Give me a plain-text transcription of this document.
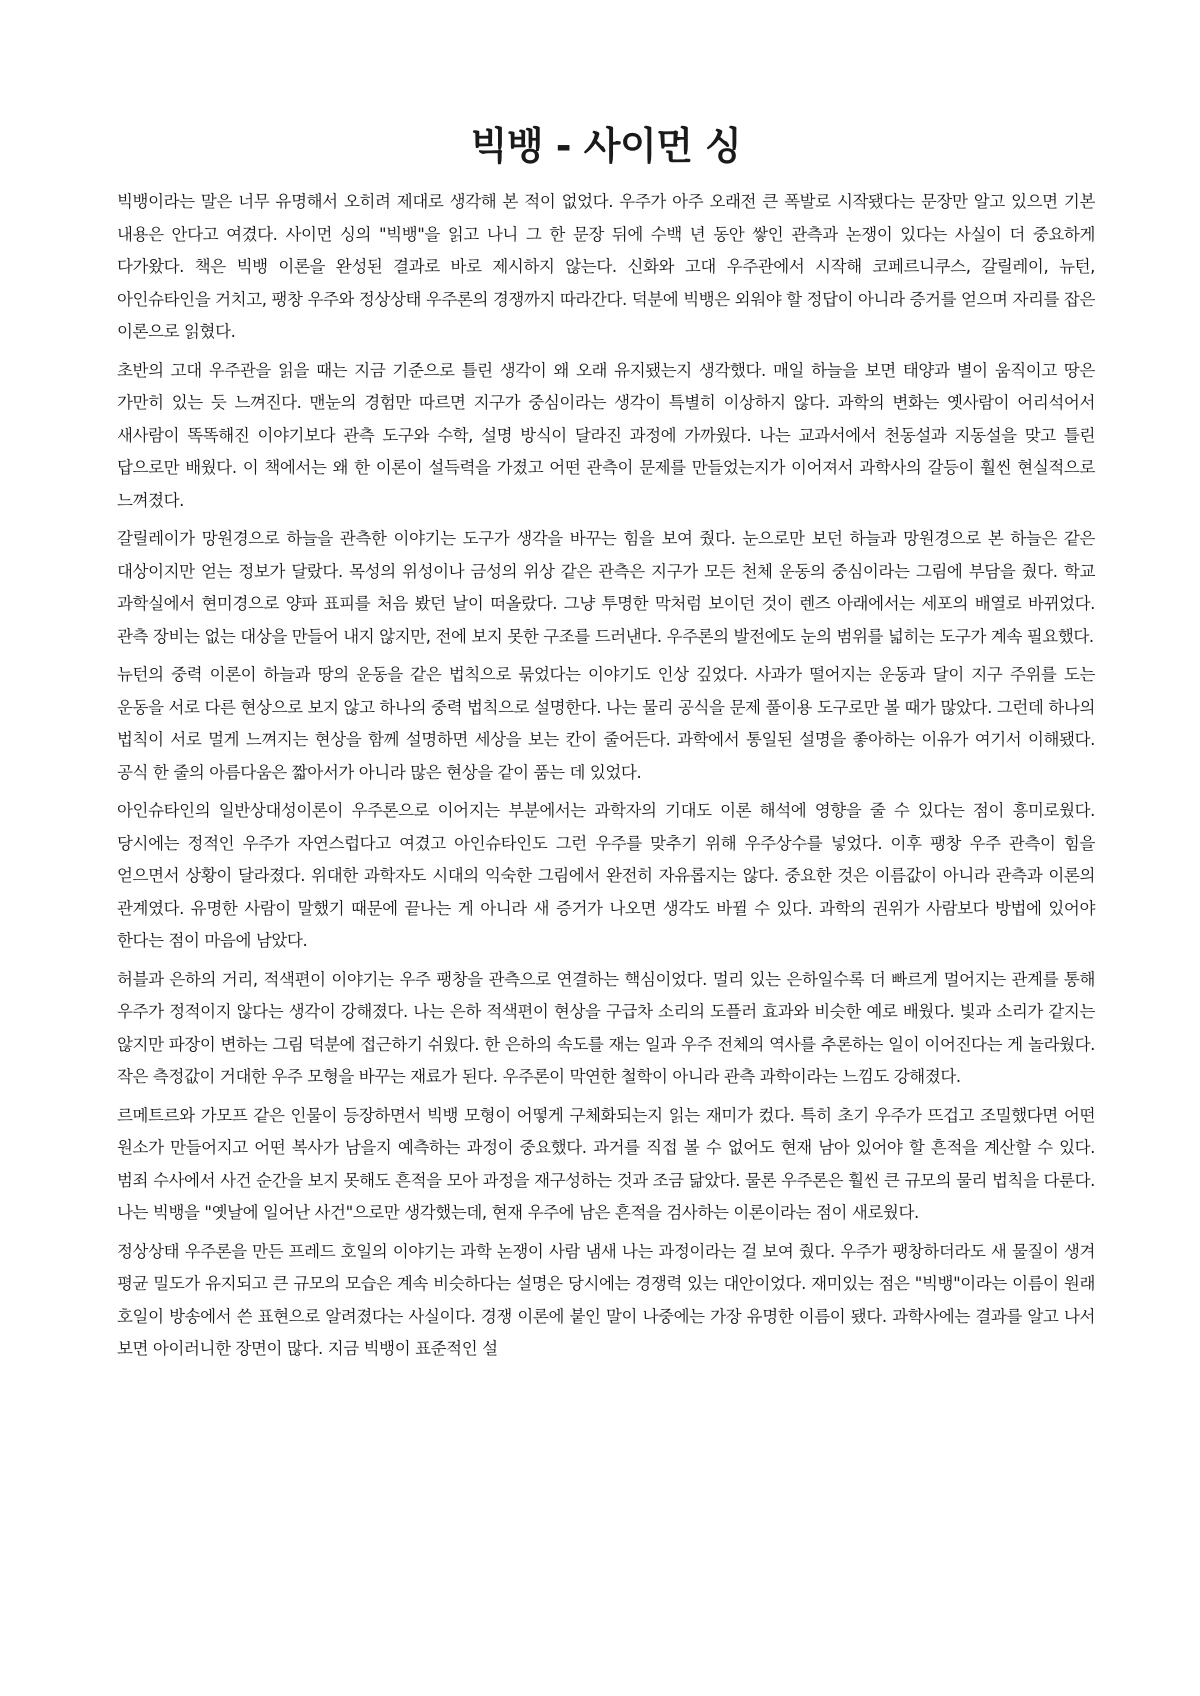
빅뱅 - 사이먼 싱

빅뱅이라는 말은 너무 유명해서 오히려 제대로 생각해 본 적이 없었다. 우주가 아주 오래전 큰 폭발로 시작됐다는 문장만 알고 있으면 기본 내용은 안다고 여겼다. 사이먼 싱의 "빅뱅"을 읽고 나니 그 한 문장 뒤에 수백 년 동안 쌓인 관측과 논쟁이 있다는 사실이 더 중요하게 다가왔다. 책은 빅뱅 이론을 완성된 결과로 바로 제시하지 않는다. 신화와 고대 우주관에서 시작해 코페르니쿠스, 갈릴레이, 뉴턴, 아인슈타인을 거치고, 팽창 우주와 정상상태 우주론의 경쟁까지 따라간다. 덕분에 빅뱅은 외워야 할 정답이 아니라 증거를 얻으며 자리를 잡은 이론으로 읽혔다.

초반의 고대 우주관을 읽을 때는 지금 기준으로 틀린 생각이 왜 오래 유지됐는지 생각했다. 매일 하늘을 보면 태양과 별이 움직이고 땅은 가만히 있는 듯 느껴진다. 맨눈의 경험만 따르면 지구가 중심이라는 생각이 특별히 이상하지 않다. 과학의 변화는 옛사람이 어리석어서 새사람이 똑똑해진 이야기보다 관측 도구와 수학, 설명 방식이 달라진 과정에 가까웠다. 나는 교과서에서 천동설과 지동설을 맞고 틀린 답으로만 배웠다. 이 책에서는 왜 한 이론이 설득력을 가졌고 어떤 관측이 문제를 만들었는지가 이어져서 과학사의 갈등이 훨씬 현실적으로 느껴졌다.

갈릴레이가 망원경으로 하늘을 관측한 이야기는 도구가 생각을 바꾸는 힘을 보여 줬다. 눈으로만 보던 하늘과 망원경으로 본 하늘은 같은 대상이지만 얻는 정보가 달랐다. 목성의 위성이나 금성의 위상 같은 관측은 지구가 모든 천체 운동의 중심이라는 그림에 부담을 줬다. 학교 과학실에서 현미경으로 양파 표피를 처음 봤던 날이 떠올랐다. 그냥 투명한 막처럼 보이던 것이 렌즈 아래에서는 세포의 배열로 바뀌었다. 관측 장비는 없는 대상을 만들어 내지 않지만, 전에 보지 못한 구조를 드러낸다. 우주론의 발전에도 눈의 범위를 넓히는 도구가 계속 필요했다.

뉴턴의 중력 이론이 하늘과 땅의 운동을 같은 법칙으로 묶었다는 이야기도 인상 깊었다. 사과가 떨어지는 운동과 달이 지구 주위를 도는 운동을 서로 다른 현상으로 보지 않고 하나의 중력 법칙으로 설명한다. 나는 물리 공식을 문제 풀이용 도구로만 볼 때가 많았다. 그런데 하나의 법칙이 서로 멀게 느껴지는 현상을 함께 설명하면 세상을 보는 칸이 줄어든다. 과학에서 통일된 설명을 좋아하는 이유가 여기서 이해됐다. 공식 한 줄의 아름다움은 짧아서가 아니라 많은 현상을 같이 품는 데 있었다.

아인슈타인의 일반상대성이론이 우주론으로 이어지는 부분에서는 과학자의 기대도 이론 해석에 영향을 줄 수 있다는 점이 흥미로웠다. 당시에는 정적인 우주가 자연스럽다고 여겼고 아인슈타인도 그런 우주를 맞추기 위해 우주상수를 넣었다. 이후 팽창 우주 관측이 힘을 얻으면서 상황이 달라졌다. 위대한 과학자도 시대의 익숙한 그림에서 완전히 자유롭지는 않다. 중요한 것은 이름값이 아니라 관측과 이론의 관계였다. 유명한 사람이 말했기 때문에 끝나는 게 아니라 새 증거가 나오면 생각도 바뀔 수 있다. 과학의 권위가 사람보다 방법에 있어야 한다는 점이 마음에 남았다.

허블과 은하의 거리, 적색편이 이야기는 우주 팽창을 관측으로 연결하는 핵심이었다. 멀리 있는 은하일수록 더 빠르게 멀어지는 관계를 통해 우주가 정적이지 않다는 생각이 강해졌다. 나는 은하 적색편이 현상을 구급차 소리의 도플러 효과와 비슷한 예로 배웠다. 빛과 소리가 같지는 않지만 파장이 변하는 그림 덕분에 접근하기 쉬웠다. 한 은하의 속도를 재는 일과 우주 전체의 역사를 추론하는 일이 이어진다는 게 놀라웠다. 작은 측정값이 거대한 우주 모형을 바꾸는 재료가 된다. 우주론이 막연한 철학이 아니라 관측 과학이라는 느낌도 강해졌다.

르메트르와 가모프 같은 인물이 등장하면서 빅뱅 모형이 어떻게 구체화되는지 읽는 재미가 컸다. 특히 초기 우주가 뜨겁고 조밀했다면 어떤 원소가 만들어지고 어떤 복사가 남을지 예측하는 과정이 중요했다. 과거를 직접 볼 수 없어도 현재 남아 있어야 할 흔적을 계산할 수 있다. 범죄 수사에서 사건 순간을 보지 못해도 흔적을 모아 과정을 재구성하는 것과 조금 닮았다. 물론 우주론은 훨씬 큰 규모의 물리 법칙을 다룬다. 나는 빅뱅을 "옛날에 일어난 사건"으로만 생각했는데, 현재 우주에 남은 흔적을 검사하는 이론이라는 점이 새로웠다.

정상상태 우주론을 만든 프레드 호일의 이야기는 과학 논쟁이 사람 냄새 나는 과정이라는 걸 보여 줬다. 우주가 팽창하더라도 새 물질이 생겨 평균 밀도가 유지되고 큰 규모의 모습은 계속 비슷하다는 설명은 당시에는 경쟁력 있는 대안이었다. 재미있는 점은 "빅뱅"이라는 이름이 원래 호일이 방송에서 쓴 표현으로 알려졌다는 사실이다. 경쟁 이론에 붙인 말이 나중에는 가장 유명한 이름이 됐다. 과학사에는 결과를 알고 나서 보면 아이러니한 장면이 많다. 지금 빅뱅이 표준적인 설
